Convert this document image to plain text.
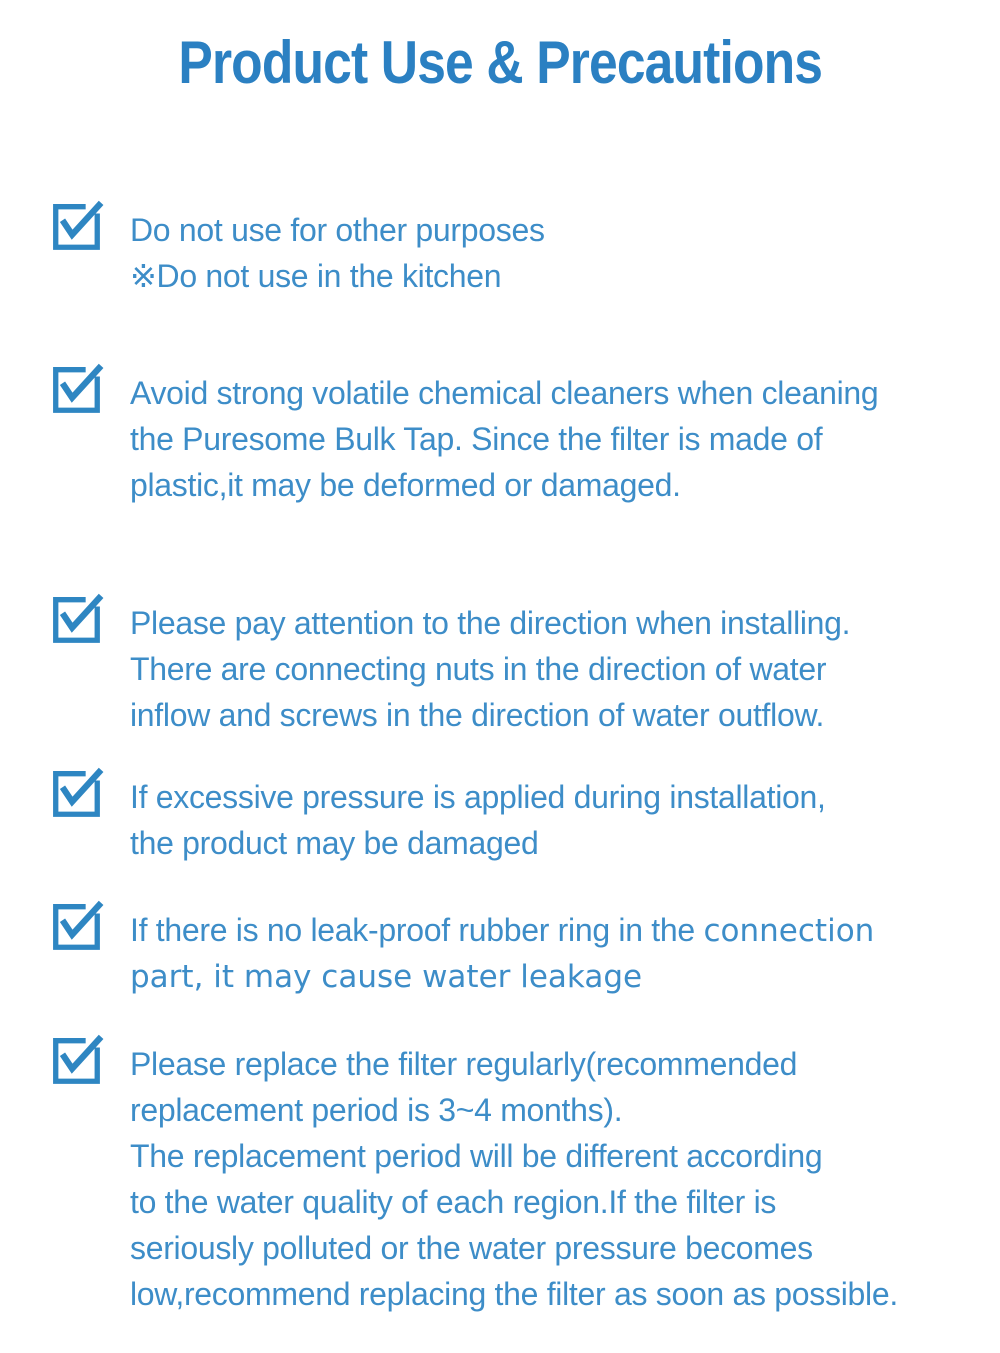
Product Use & Precautions
Do not use for other purposes
※Do not use in the kitchen
Avoid strong volatile chemical cleaners when cleaning
the Puresome Bulk Tap. Since the filter is made of
plastic,it may be deformed or damaged.
Please pay attention to the direction when installing.
There are connecting nuts in the direction of water
inflow and screws in the direction of water outflow.
If excessive pressure is applied during installation,
the product may be damaged
If there is no leak-proof rubber ring in the connection
part, it may cause water leakage
Please replace the filter regularly(recommended
replacement period is 3~4 months).
The replacement period will be different according
to the water quality of each region.If the filter is
seriously polluted or the water pressure becomes
low,recommend replacing the filter as soon as possible.
